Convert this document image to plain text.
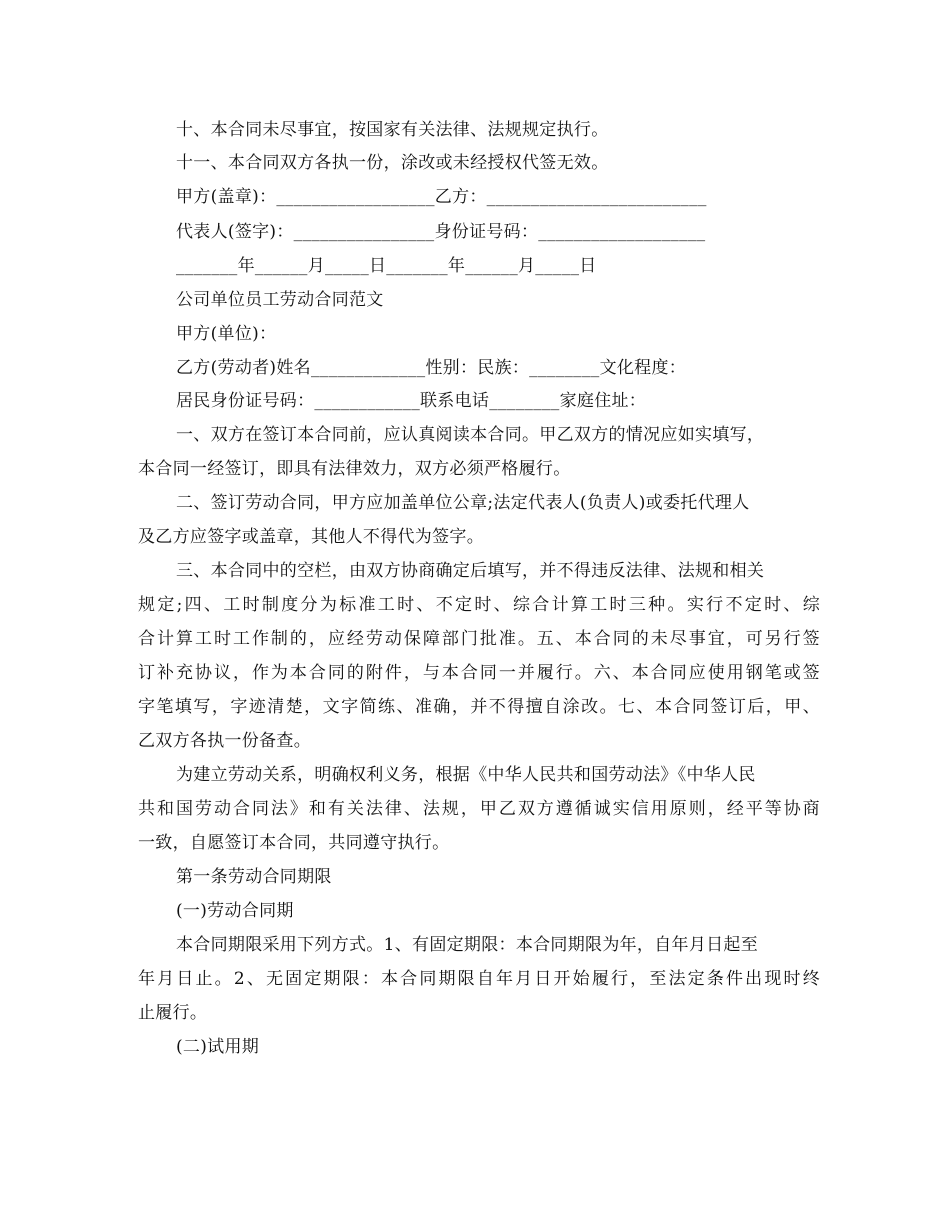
十、本合同未尽事宜，按国家有关法律、法规规定执行。
十一、本合同双方各执一份，涂改或未经授权代签无效。
甲方(盖章)：__________________乙方：_________________________
代表人(签字)：________________身份证号码：___________________
_______年______月_____日_______年______月_____日
公司单位员工劳动合同范文
甲方(单位)：
乙方(劳动者)姓名_____________性别：民族：________文化程度：
居民身份证号码：____________联系电话________家庭住址：
一、双方在签订本合同前，应认真阅读本合同。甲乙双方的情况应如实填写，
本合同一经签订，即具有法律效力，双方必须严格履行。
二、签订劳动合同，甲方应加盖单位公章;法定代表人(负责人)或委托代理人
及乙方应签字或盖章，其他人不得代为签字。
三、本合同中的空栏，由双方协商确定后填写，并不得违反法律、法规和相关
规定;四、工时制度分为标准工时、不定时、综合计算工时三种。实行不定时、综
合计算工时工作制的，应经劳动保障部门批准。五、本合同的未尽事宜，可另行签
订补充协议，作为本合同的附件，与本合同一并履行。六、本合同应使用钢笔或签
字笔填写，字迹清楚，文字简练、准确，并不得擅自涂改。七、本合同签订后，甲、
乙双方各执一份备查。
为建立劳动关系，明确权利义务，根据《中华人民共和国劳动法》《中华人民
共和国劳动合同法》和有关法律、法规，甲乙双方遵循诚实信用原则，经平等协商
一致，自愿签订本合同，共同遵守执行。
第一条劳动合同期限
(一)劳动合同期
本合同期限采用下列方式。1、有固定期限：本合同期限为年，自年月日起至
年月日止。2、无固定期限：本合同期限自年月日开始履行，至法定条件出现时终
止履行。
(二)试用期
